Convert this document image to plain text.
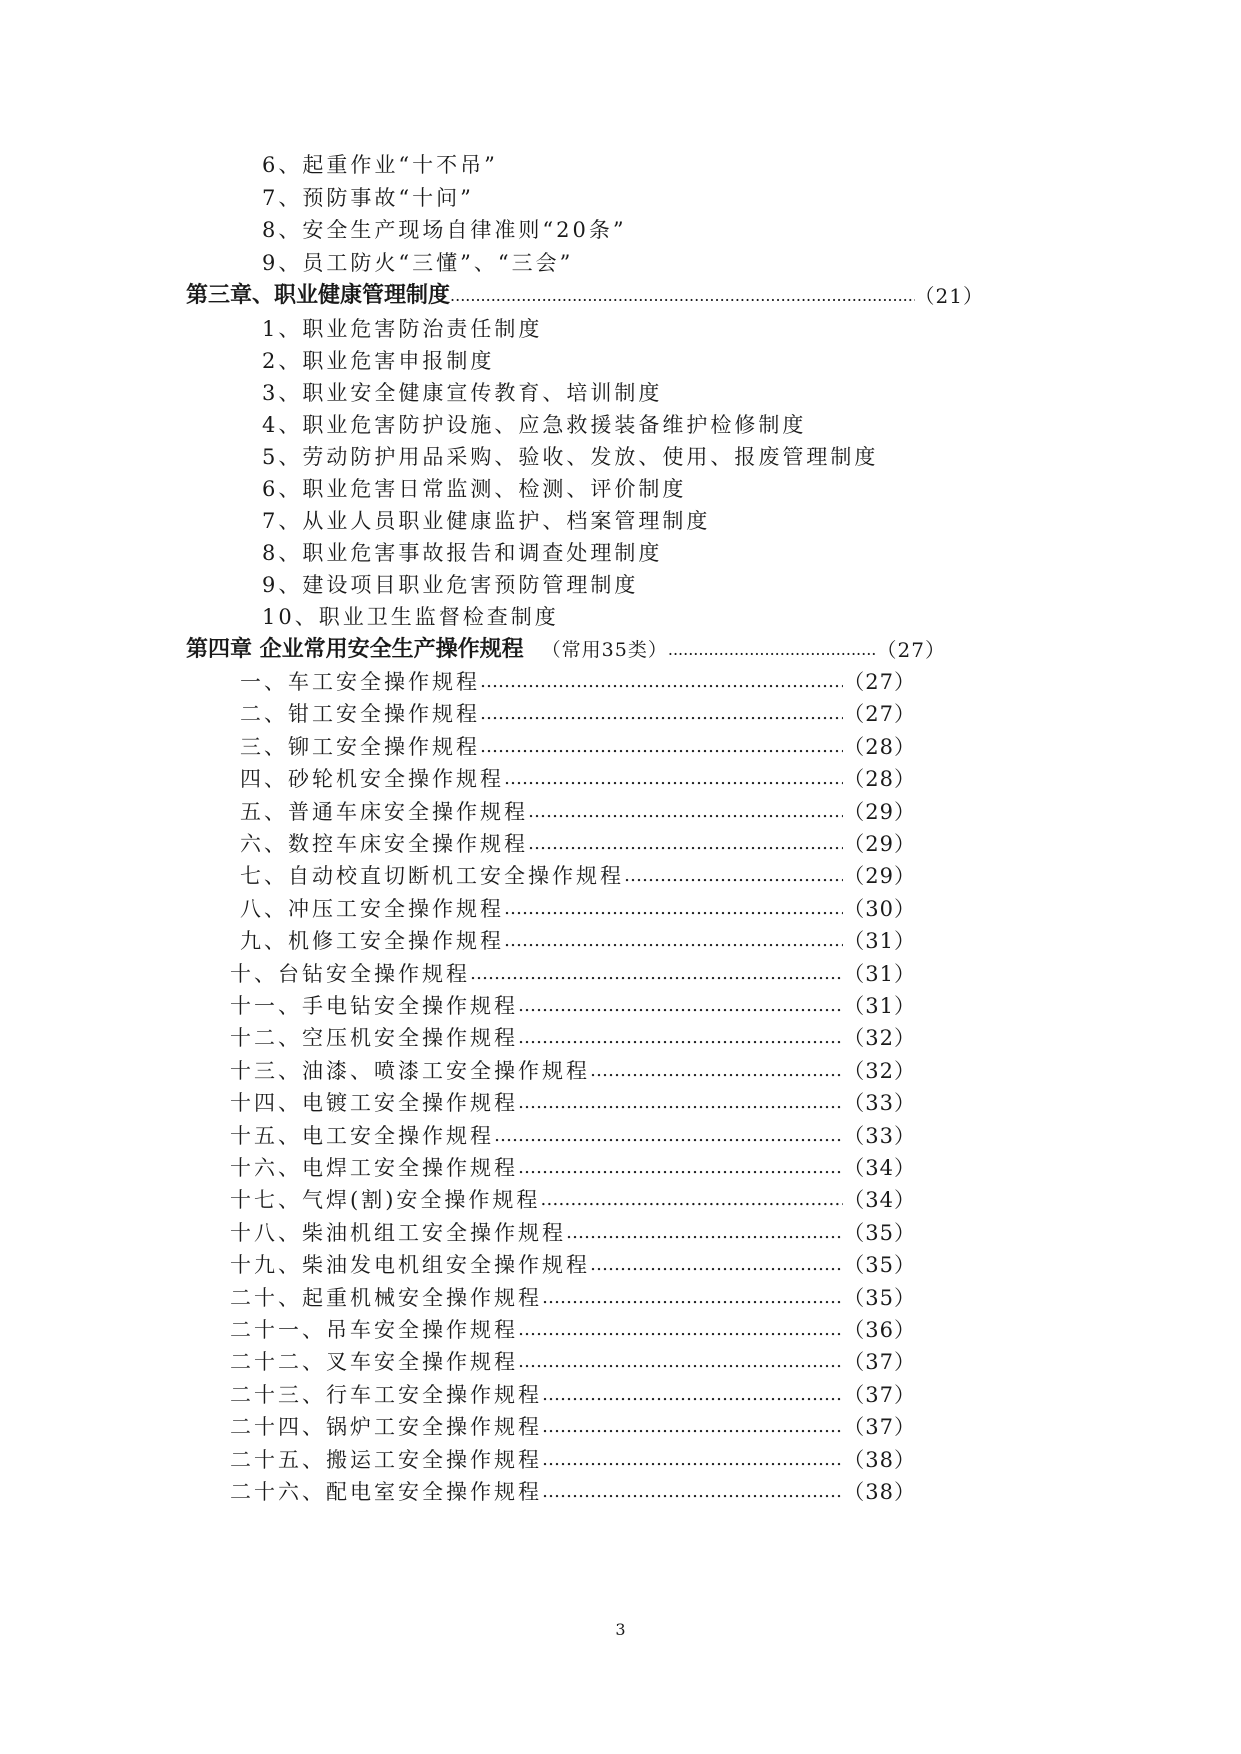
6、起重作业“十不吊”
7、预防事故“十问”
8、安全生产现场自律准则“20条”
9、员工防火“三懂”、“三会”
第三章、职业健康管理制度 .....	（21）
1、职业危害防治责任制度
2、职业危害申报制度
3、职业安全健康宣传教育、培训制度
4、职业危害防护设施、应急救援装备维护检修制度
5、劳动防护用品采购、验收、发放、使用、报废管理制度
6、职业危害日常监测、检测、评价制度
7、从业人员职业健康监护、档案管理制度
8、职业危害事故报告和调查处理制度
9、建设项目职业危害预防管理制度
10、职业卫生监督检查制度
第四章 企业常用安全生产操作规程 （常用35类） .....	（27）
一、车工安全操作规程 …………………………………………………………………………………………………………………………………………	（27）
二、钳工安全操作规程 …………………………………………………………………………………………………………………………………………	（27）
三、铆工安全操作规程 …………………………………………………………………………………………………………………………………………	（28）
四、砂轮机安全操作规程 …………………………………………………………………………………………………………………………………………	（28）
五、普通车床安全操作规程 …………………………………………………………………………………………………………………………………………	（29）
六、数控车床安全操作规程 …………………………………………………………………………………………………………………………………………	（29）
七、自动校直切断机工安全操作规程 …………………………………………………………………………………………………………………………………………	（29）
八、冲压工安全操作规程 …………………………………………………………………………………………………………………………………………	（30）
九、机修工安全操作规程 …………………………………………………………………………………………………………………………………………	（31）
十、台钻安全操作规程 …………………………………………………………………………………………………………………………………………	（31）
十一、手电钻安全操作规程 …………………………………………………………………………………………………………………………………………	（31）
十二、空压机安全操作规程 …………………………………………………………………………………………………………………………………………	（32）
十三、油漆、喷漆工安全操作规程 …………………………………………………………………………………………………………………………………………	（32）
十四、电镀工安全操作规程 …………………………………………………………………………………………………………………………………………	（33）
十五、电工安全操作规程 …………………………………………………………………………………………………………………………………………	（33）
十六、电焊工安全操作规程 …………………………………………………………………………………………………………………………………………	（34）
十七、气焊(割)安全操作规程 …………………………………………………………………………………………………………………………………………	（34）
十八、柴油机组工安全操作规程 …………………………………………………………………………………………………………………………………………	（35）
十九、柴油发电机组安全操作规程 …………………………………………………………………………………………………………………………………………	（35）
二十、起重机械安全操作规程 …………………………………………………………………………………………………………………………………………	（35）
二十一、吊车安全操作规程 …………………………………………………………………………………………………………………………………………	（36）
二十二、叉车安全操作规程 …………………………………………………………………………………………………………………………………………	（37）
二十三、行车工安全操作规程 …………………………………………………………………………………………………………………………………………	（37）
二十四、锅炉工安全操作规程 …………………………………………………………………………………………………………………………………………	（37）
二十五、搬运工安全操作规程 …………………………………………………………………………………………………………………………………………	（38）
二十六、配电室安全操作规程 …………………………………………………………………………………………………………………………………………	（38）
3
